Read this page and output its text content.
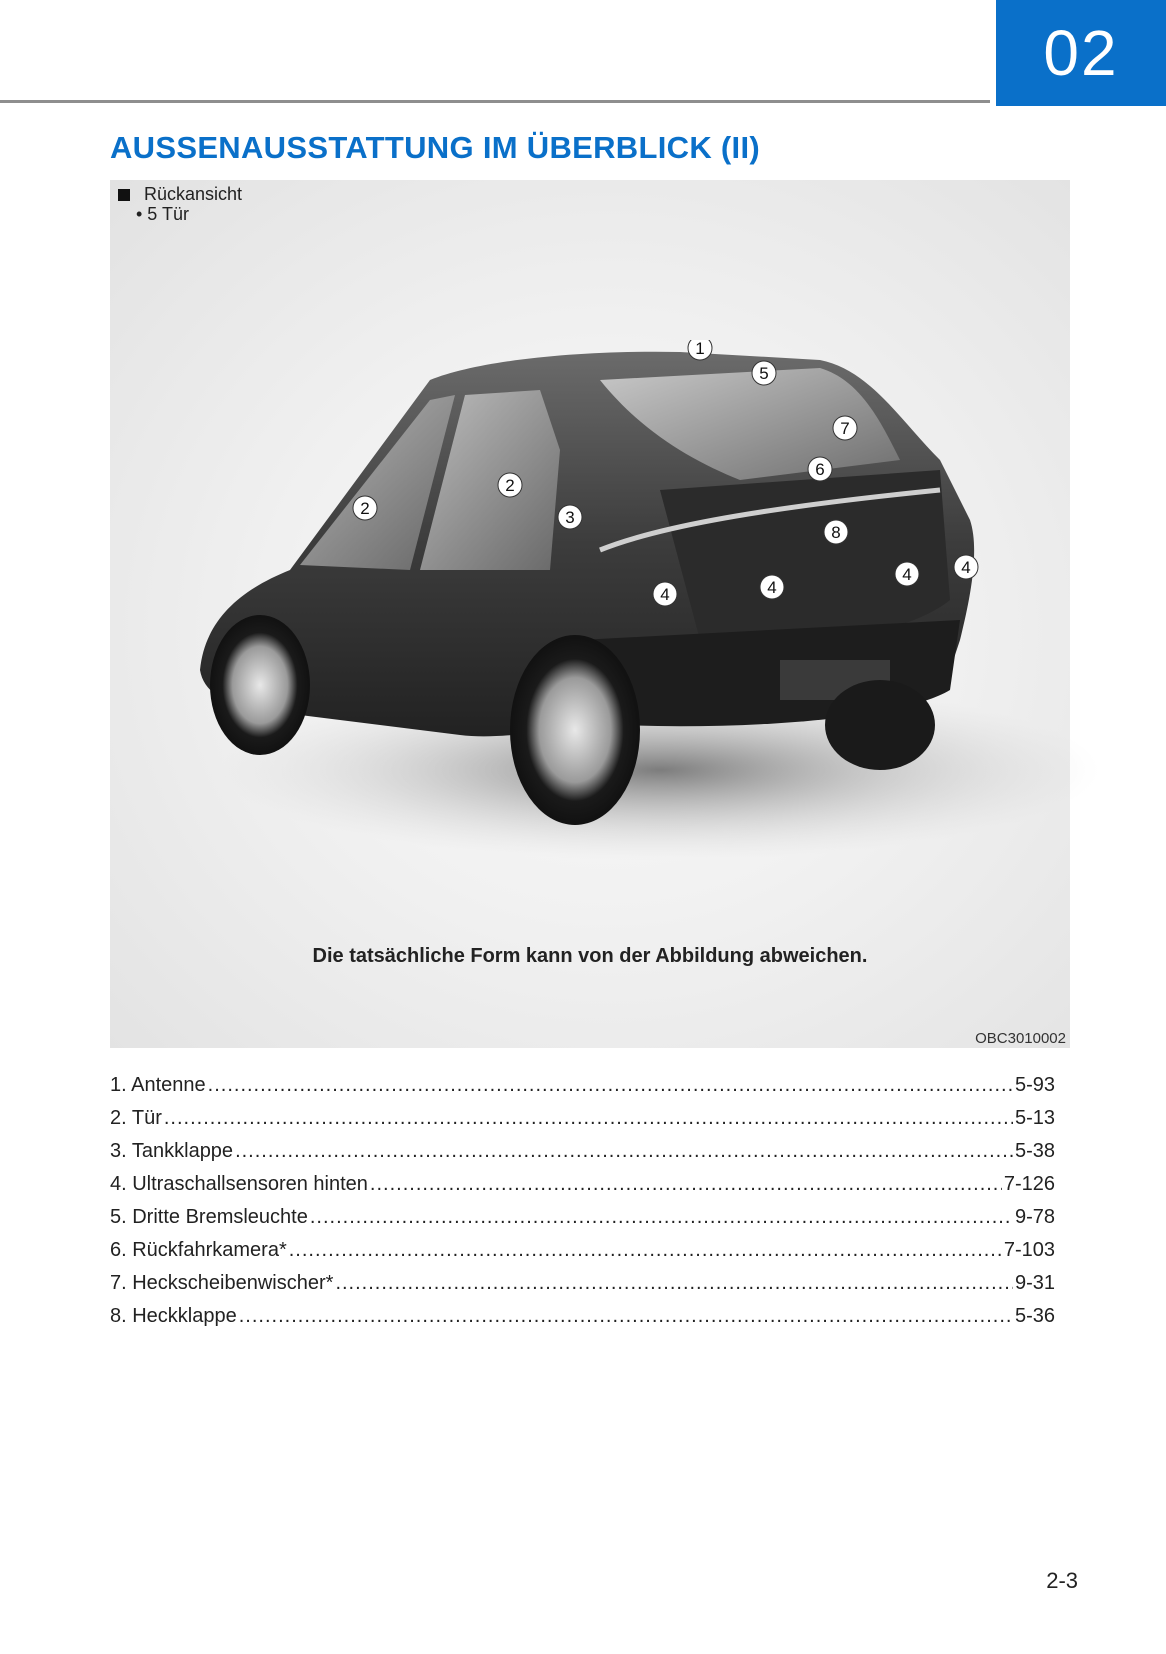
02
AUSSENAUSSTATTUNG IM ÜBERBLICK (II)
Rückansicht
• 5 Tür
1
2
2
3
4	4
4	4
5
6
7
8
Die tatsächliche Form kann von der Abbildung abweichen.
OBC3010002
1. Antenne .....	5-93
2. Tür .....	5-13
3. Tankklappe .....	5-38
4. Ultraschallsensoren hinten .....	7-126
5. Dritte Bremsleuchte .....	9-78
6. Rückfahrkamera* .....	7-103
7. Heckscheibenwischer* .....	9-31
8. Heckklappe .....	5-36
2-3
